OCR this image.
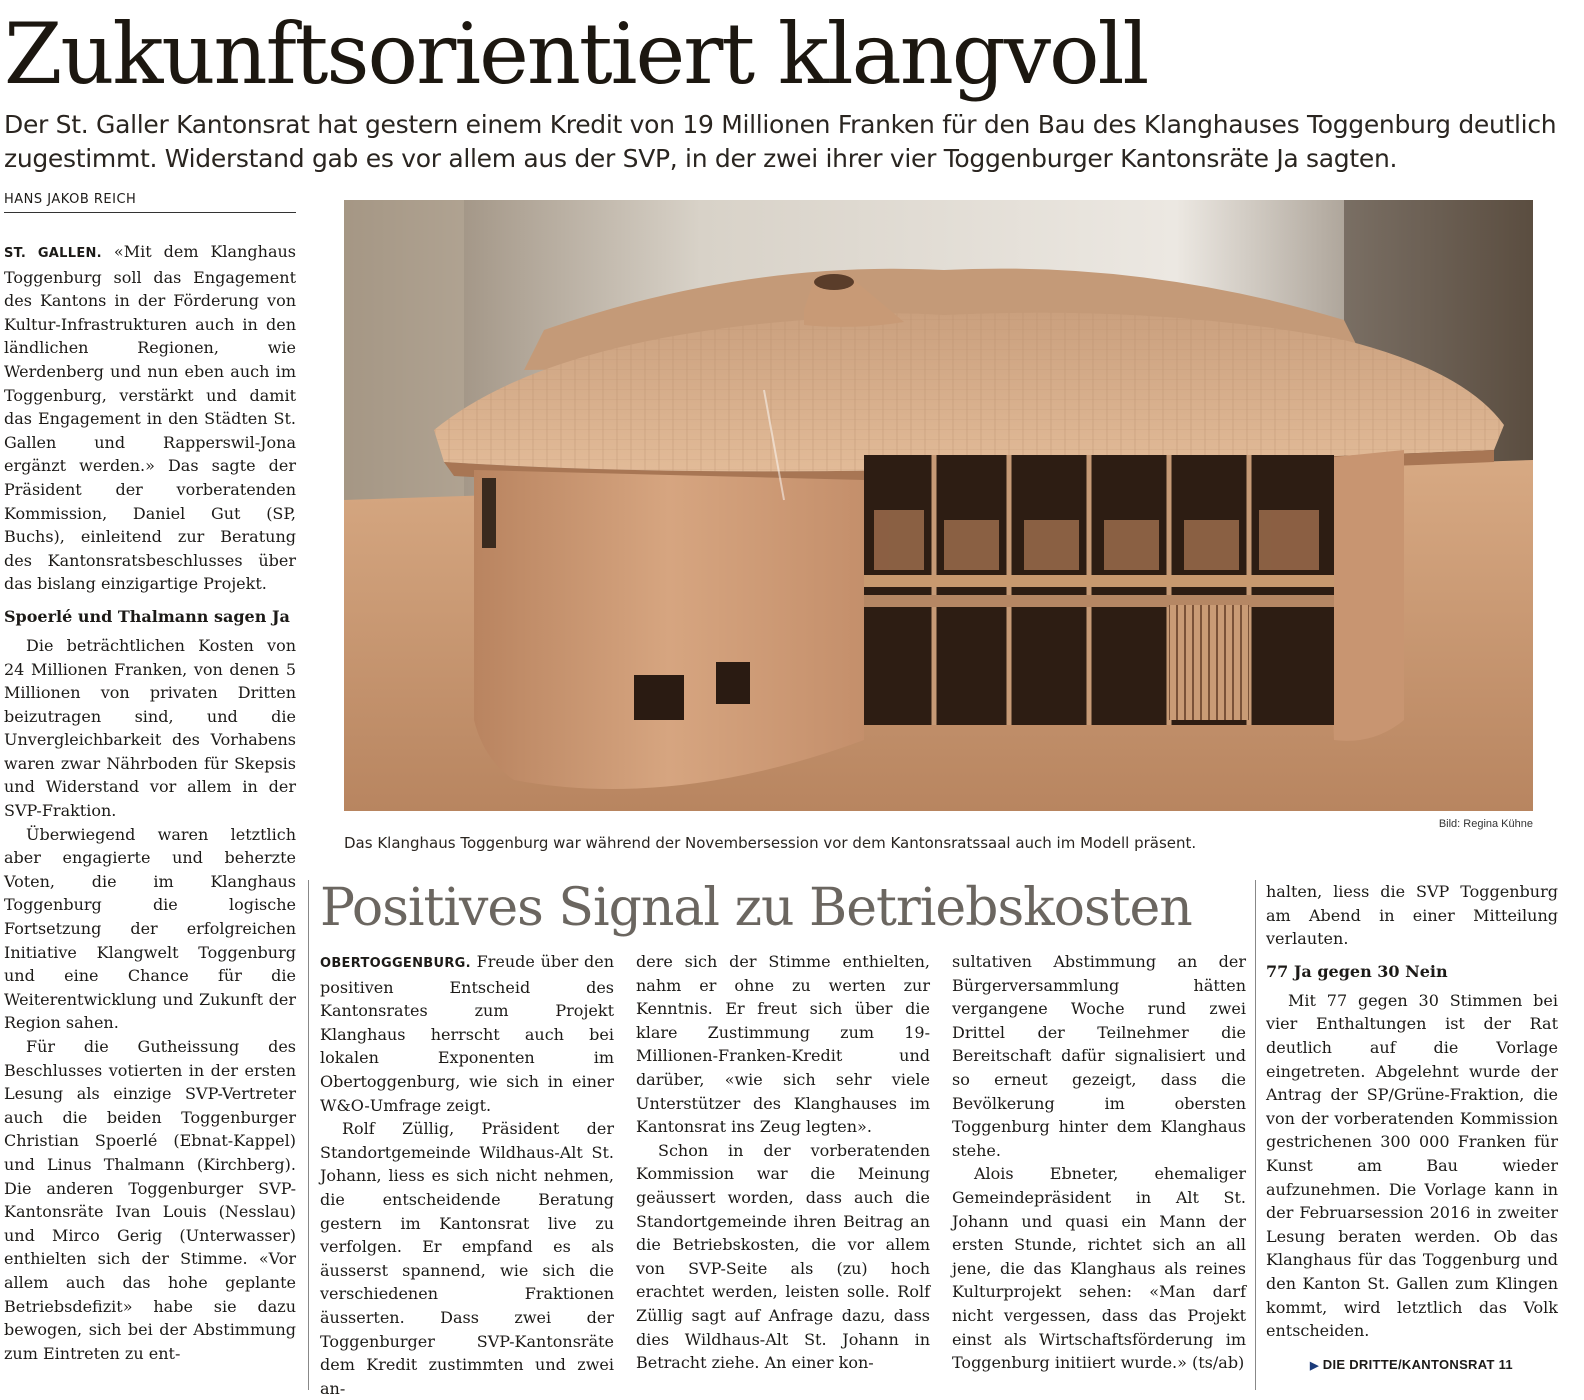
Zukunftsorientiert klangvoll

Der St. Galler Kantonsrat hat gestern einem Kredit von 19 Millionen Franken für den Bau des Klanghauses Toggenburg deutlich zugestimmt. Widerstand gab es vor allem aus der SVP, in der zwei ihrer vier Toggenburger Kantonsräte Ja sagten.

HANS JAKOB REICH

ST. GALLEN. «Mit dem Klanghaus Toggenburg soll das Engagement des Kantons in der Förderung von Kultur-Infrastrukturen auch in den ländlichen Regionen, wie Werdenberg und nun eben auch im Toggenburg, verstärkt und damit das Engagement in den Städten St. Gallen und Rapperswil-Jona ergänzt werden.» Das sagte der Präsident der vorberatenden Kommission, Daniel Gut (SP, Buchs), einleitend zur Beratung des Kantonsratsbeschlusses über das bislang einzigartige Projekt.

Spoerlé und Thalmann sagen Ja

Die beträchtlichen Kosten von 24 Millionen Franken, von denen 5 Millionen von privaten Dritten beizutragen sind, und die Unvergleichbarkeit des Vorhabens waren zwar Nährboden für Skepsis und Widerstand vor allem in der SVP-Fraktion.

Überwiegend waren letztlich aber engagierte und beherzte Voten, die im Klanghaus Toggenburg die logische Fortsetzung der erfolgreichen Initiative Klangwelt Toggenburg und eine Chance für die Weiterentwicklung und Zukunft der Region sahen.

Für die Gutheissung des Beschlusses votierten in der ersten Lesung als einzige SVP-Vertreter auch die beiden Toggenburger Christian Spoerlé (Ebnat-Kappel) und Linus Thalmann (Kirchberg). Die anderen Toggenburger SVP-Kantonsräte Ivan Louis (Nesslau) und Mirco Gerig (Unterwasser) enthielten sich der Stimme. «Vor allem auch das hohe geplante Betriebsdefizit» habe sie dazu bewogen, sich bei der Abstimmung zum Eintreten zu ent-

Bild: Regina Kühne
Das Klanghaus Toggenburg war während der Novembersession vor dem Kantonsratssaal auch im Modell präsent.
Positives Signal zu Betriebskosten

OBERTOGGENBURG. Freude über den positiven Entscheid des Kantonsrates zum Projekt Klanghaus herrscht auch bei lokalen Exponenten im Obertoggenburg, wie sich in einer W&O-Umfrage zeigt.

Rolf Züllig, Präsident der Standortgemeinde Wildhaus-Alt St. Johann, liess es sich nicht nehmen, die entscheidende Beratung gestern im Kantonsrat live zu verfolgen. Er empfand es als äusserst spannend, wie sich die verschiedenen Fraktionen äusserten. Dass zwei der Toggenburger SVP-Kantonsräte dem Kredit zustimmten und zwei an-

dere sich der Stimme enthielten, nahm er ohne zu werten zur Kenntnis. Er freut sich über die klare Zustimmung zum 19-Millionen-Franken-Kredit und darüber, «wie sich sehr viele Unterstützer des Klanghauses im Kantonsrat ins Zeug legten».

Schon in der vorberatenden Kommission war die Meinung geäussert worden, dass auch die Standortgemeinde ihren Beitrag an die Betriebskosten, die vor allem von SVP-Seite als (zu) hoch erachtet werden, leisten solle. Rolf Züllig sagt auf Anfrage dazu, dass dies Wildhaus-Alt St. Johann in Betracht ziehe. An einer kon-

sultativen Abstimmung an der Bürgerversammlung hätten vergangene Woche rund zwei Drittel der Teilnehmer die Bereitschaft dafür signalisiert und so erneut gezeigt, dass die Bevölkerung im obersten Toggenburg hinter dem Klanghaus stehe.

Alois Ebneter, ehemaliger Gemeindepräsident in Alt St. Johann und quasi ein Mann der ersten Stunde, richtet sich an all jene, die das Klanghaus als reines Kulturprojekt sehen: «Man darf nicht vergessen, dass das Projekt einst als Wirtschaftsförderung im Toggenburg initiiert wurde.» (ts/ab)

halten, liess die SVP Toggenburg am Abend in einer Mitteilung verlauten.

77 Ja gegen 30 Nein

Mit 77 gegen 30 Stimmen bei vier Enthaltungen ist der Rat deutlich auf die Vorlage eingetreten. Abgelehnt wurde der Antrag der SP/Grüne-Fraktion, die von der vorberatenden Kommission gestrichenen 300 000 Franken für Kunst am Bau wieder aufzunehmen. Die Vorlage kann in der Februarsession 2016 in zweiter Lesung beraten werden. Ob das Klanghaus für das Toggenburg und den Kanton St. Gallen zum Klingen kommt, wird letztlich das Volk entscheiden.

▶ DIE DRITTE/KANTONSRAT 11
